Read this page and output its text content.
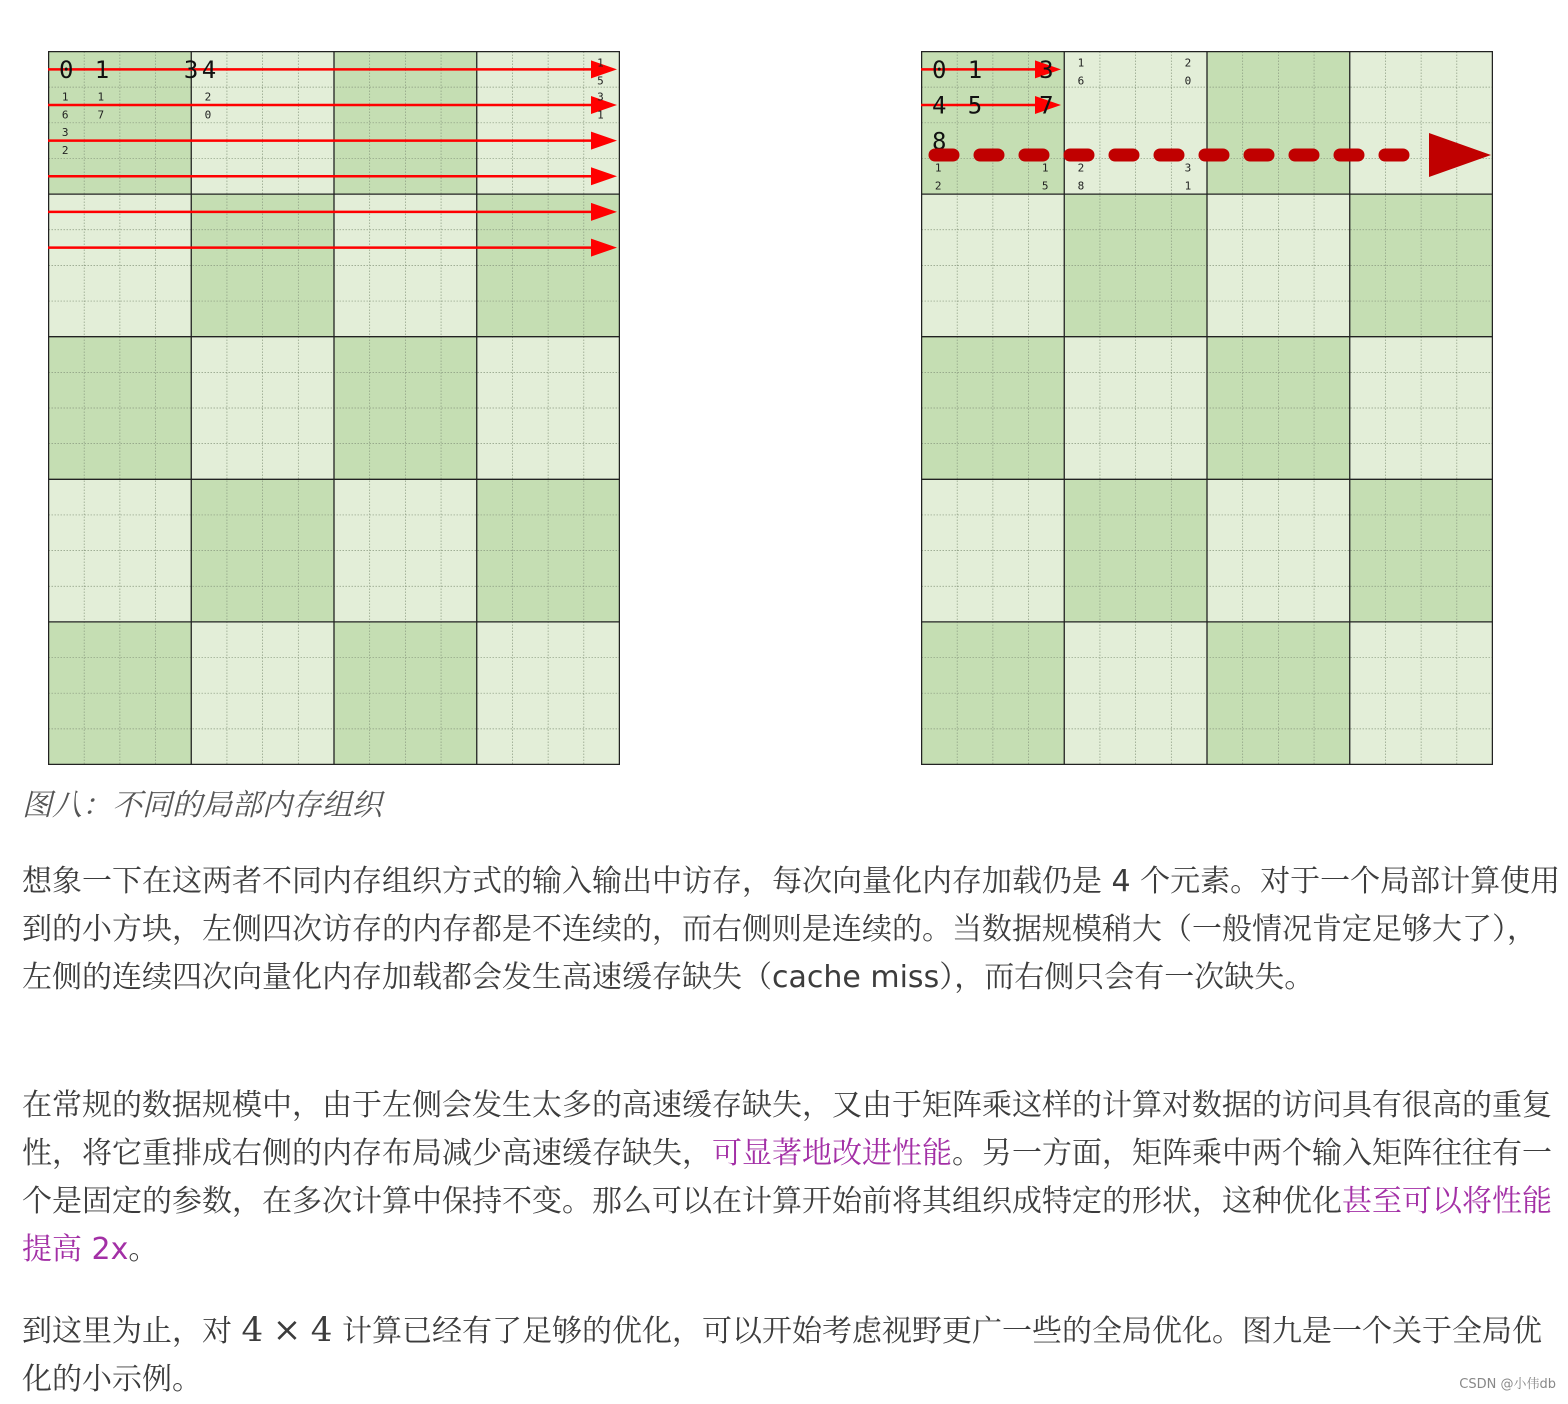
0 1	3 4
1
6
3
2
1
7
2
0
1
5
3
1
0 1 3
4 5 7
8
1
6
2
0
1
2
1
5
2
8
3
1
图八：不同的局部内存组织
想象一下在这两者不同内存组织方式的输入输出中访存，每次向量化内存加载仍是 4 个元素。对于一个局部计算使用到的小方块，左侧四次访存的内存都是不连续的，而右侧则是连续的。当数据规模稍大（一般情况肯定足够大了），左侧的连续四次向量化内存加载都会发生高速缓存缺失（cache miss），而右侧只会有一次缺失。
在常规的数据规模中，由于左侧会发生太多的高速缓存缺失，又由于矩阵乘这样的计算对数据的访问具有很高的重复性，将它重排成右侧的内存布局减少高速缓存缺失，可显著地改进性能。另一方面，矩阵乘中两个输入矩阵往往有一个是固定的参数，在多次计算中保持不变。那么可以在计算开始前将其组织成特定的形状，这种优化甚至可以将性能提高 2x。
到这里为止，对 4 × 4 计算已经有了足够的优化，可以开始考虑视野更广一些的全局优化。图九是一个关于全局优化的小示例。	CSDN @小伟db
